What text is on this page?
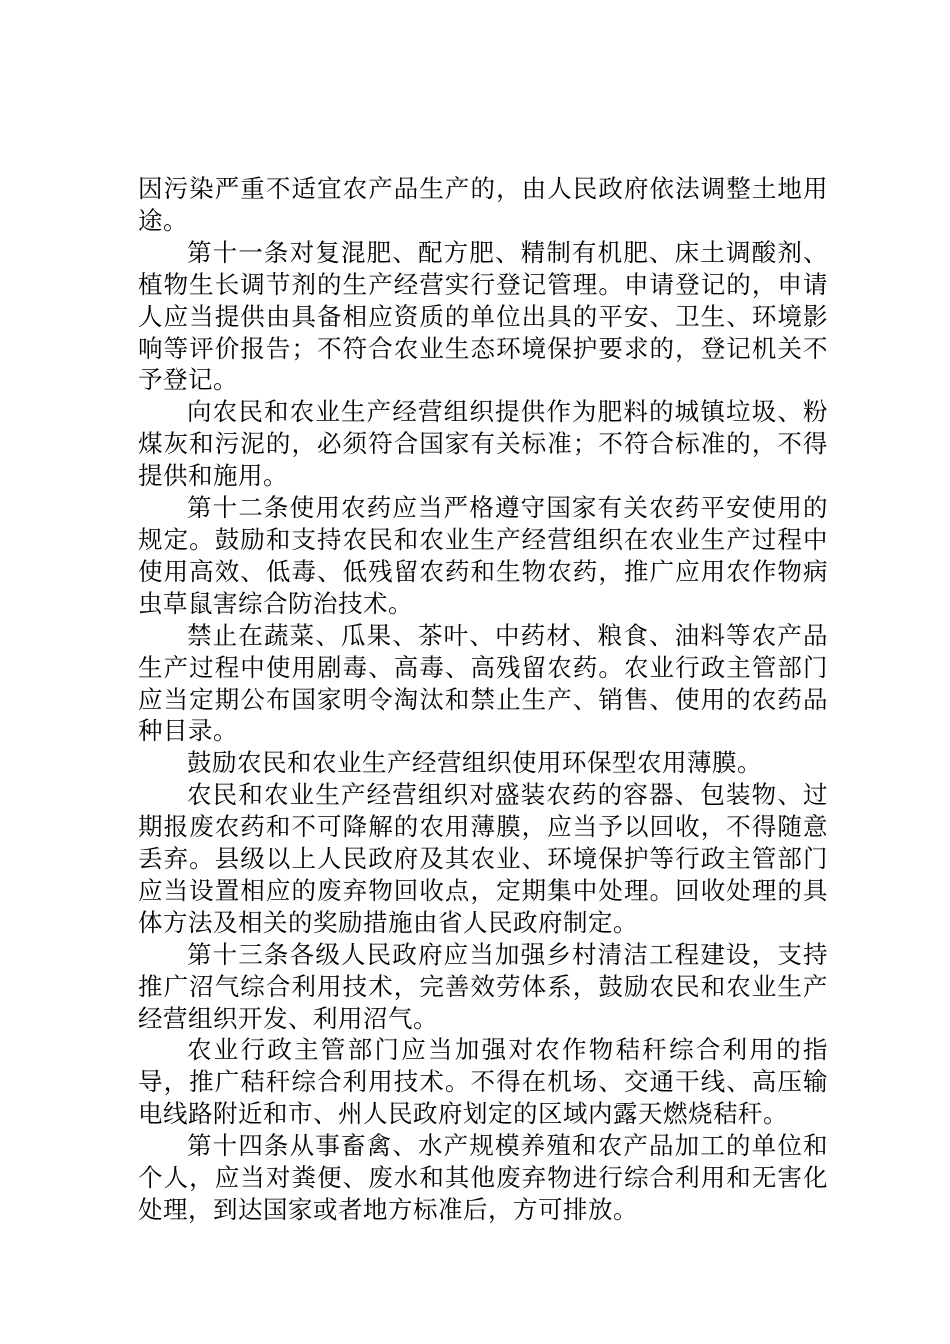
因污染严重不适宜农产品生产的，由人民政府依法调整土地用途。

第十一条对复混肥、配方肥、精制有机肥、床土调酸剂、植物生长调节剂的生产经营实行登记管理。申请登记的，申请人应当提供由具备相应资质的单位出具的平安、卫生、环境影响等评价报告；不符合农业生态环境保护要求的，登记机关不予登记。

向农民和农业生产经营组织提供作为肥料的城镇垃圾、粉煤灰和污泥的，必须符合国家有关标准；不符合标准的，不得提供和施用。

第十二条使用农药应当严格遵守国家有关农药平安使用的规定。鼓励和支持农民和农业生产经营组织在农业生产过程中使用高效、低毒、低残留农药和生物农药，推广应用农作物病虫草鼠害综合防治技术。

禁止在蔬菜、瓜果、茶叶、中药材、粮食、油料等农产品生产过程中使用剧毒、高毒、高残留农药。农业行政主管部门应当定期公布国家明令淘汰和禁止生产、销售、使用的农药品种目录。

鼓励农民和农业生产经营组织使用环保型农用薄膜。

农民和农业生产经营组织对盛装农药的容器、包装物、过期报废农药和不可降解的农用薄膜，应当予以回收，不得随意丢弃。县级以上人民政府及其农业、环境保护等行政主管部门应当设置相应的废弃物回收点，定期集中处理。回收处理的具体方法及相关的奖励措施由省人民政府制定。

第十三条各级人民政府应当加强乡村清洁工程建设，支持推广沼气综合利用技术，完善效劳体系，鼓励农民和农业生产经营组织开发、利用沼气。

农业行政主管部门应当加强对农作物秸秆综合利用的指导，推广秸秆综合利用技术。不得在机场、交通干线、高压输电线路附近和市、州人民政府划定的区域内露天燃烧秸秆。

第十四条从事畜禽、水产规模养殖和农产品加工的单位和个人，应当对粪便、废水和其他废弃物进行综合利用和无害化处理，到达国家或者地方标准后，方可排放。
